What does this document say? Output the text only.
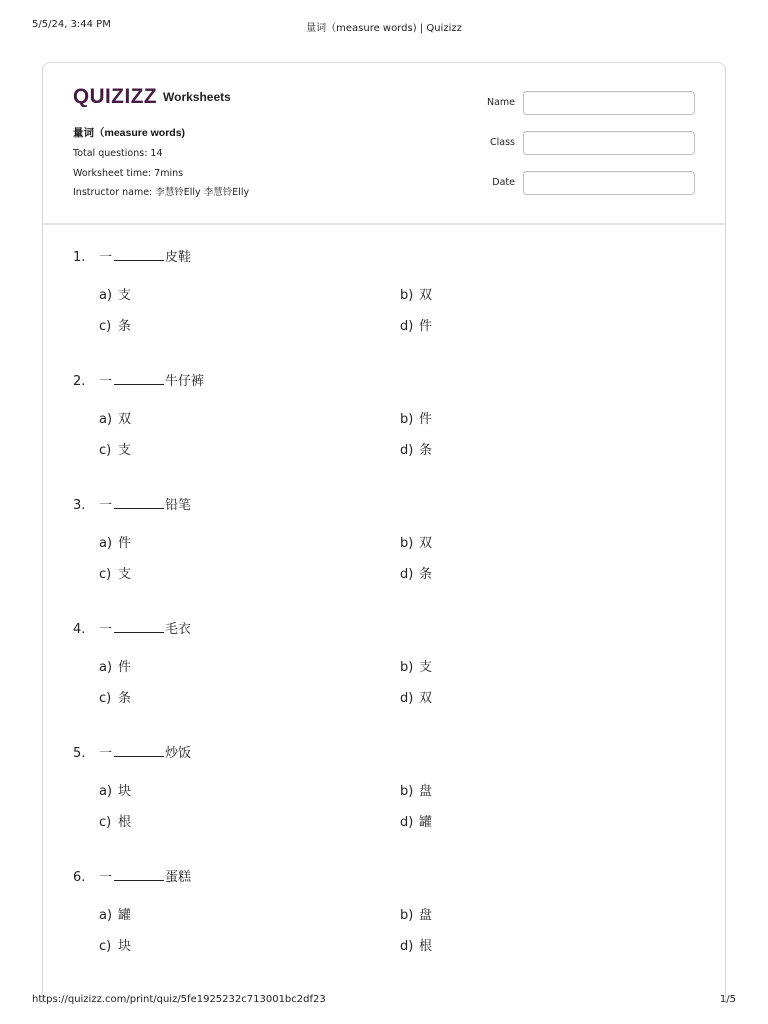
5/5/24, 3:44 PM	量词（measure words) | Quizizz
QUIZIZZ Worksheets
量词（measure words)
Total questions: 14
Worksheet time: 7mins
Instructor name: 李慧铃Elly 李慧铃Elly
Name
Class
Date
1. 一	皮鞋
a) 支	b) 双
c) 条	d) 件
2. 一	牛仔裤
a) 双	b) 件
c) 支	d) 条
3. 一	铅笔
a) 件	b) 双
c) 支	d) 条
4. 一	毛衣
a) 件	b) 支
c) 条	d) 双
5. 一	炒饭
a) 块	b) 盘
c) 根	d) 罐
6. 一	蛋糕
a) 罐	b) 盘
c) 块	d) 根
https://quizizz.com/print/quiz/5fe1925232c713001bc2df23	1/5
